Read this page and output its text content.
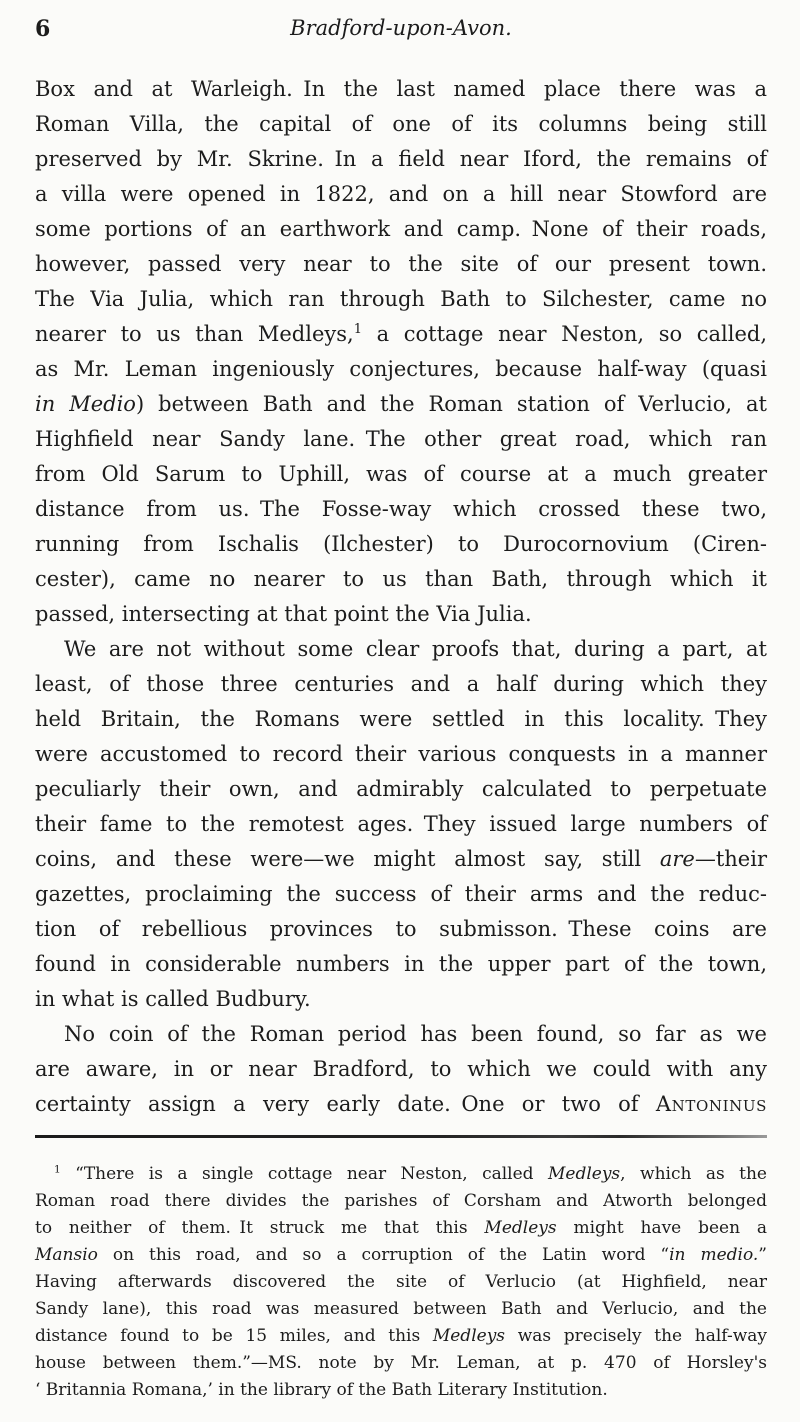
6	Bradford-upon-Avon.
Box and at Warleigh. In the last named place there was a
Roman Villa, the capital of one of its columns being still
preserved by Mr. Skrine. In a field near Iford, the remains of
a villa were opened in 1822, and on a hill near Stowford are
some portions of an earthwork and camp. None of their roads,
however, passed very near to the site of our present town.
The Via Julia, which ran through Bath to Silchester, came no
nearer to us than Medleys,$^1$ a cottage near Neston, so called,
as Mr. Leman ingeniously conjectures, because half-way (quasi
in Medio) between Bath and the Roman station of Verlucio, at
Highfield near Sandy lane. The other great road, which ran
from Old Sarum to Uphill, was of course at a much greater
distance from us. The Fosse-way which crossed these two,
running from Ischalis (Ilchester) to Durocornovium (Ciren-
cester), came no nearer to us than Bath, through which it
passed, intersecting at that point the Via Julia.
We are not without some clear proofs that, during a part, at
least, of those three centuries and a half during which they
held Britain, the Romans were settled in this locality. They
were accustomed to record their various conquests in a manner
peculiarly their own, and admirably calculated to perpetuate
their fame to the remotest ages. They issued large numbers of
coins, and these were—we might almost say, still are—their
gazettes, proclaiming the success of their arms and the reduc-
tion of rebellious provinces to submisson. These coins are
found in considerable numbers in the upper part of the town,
in what is called Budbury.
No coin of the Roman period has been found, so far as we
are aware, in or near Bradford, to which we could with any
certainty assign a very early date. One or two of Antoninus
$^1$ “There is a single cottage near Neston, called Medleys, which as the
Roman road there divides the parishes of Corsham and Atworth belonged
to neither of them. It struck me that this Medleys might have been a
Mansio on this road, and so a corruption of the Latin word “in medio.”
Having afterwards discovered the site of Verlucio (at Highfield, near
Sandy lane), this road was measured between Bath and Verlucio, and the
distance found to be 15 miles, and this Medleys was precisely the half-way
house between them.”—MS. note by Mr. Leman, at p. 470 of Horsley's
‘ Britannia Romana,’ in the library of the Bath Literary Institution.
